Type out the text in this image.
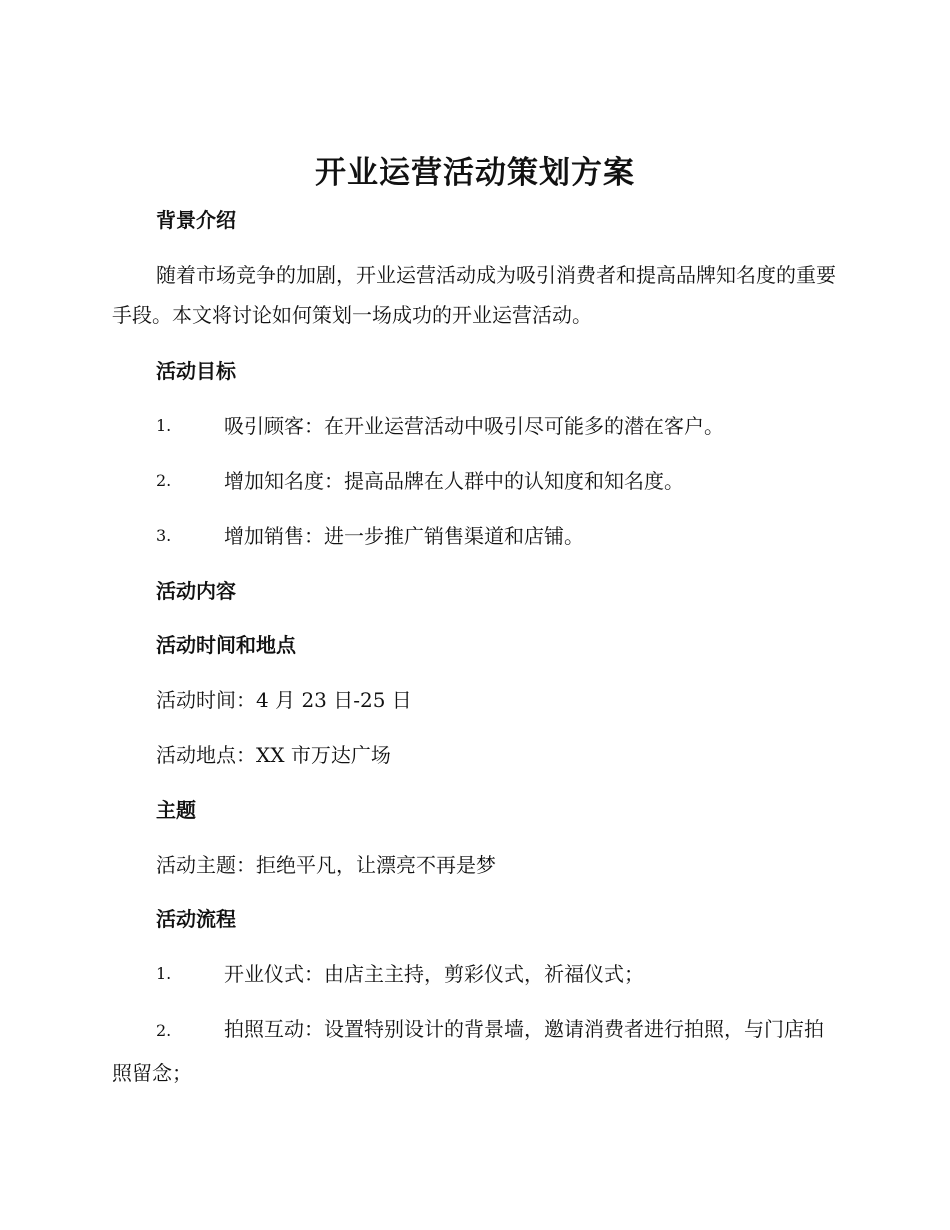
开业运营活动策划方案
背景介绍
随着市场竞争的加剧，开业运营活动成为吸引消费者和提高品牌知名度的重要手段。本文将讨论如何策划一场成功的开业运营活动。
活动目标
1.	吸引顾客：在开业运营活动中吸引尽可能多的潜在客户。
2.	增加知名度：提高品牌在人群中的认知度和知名度。
3.	增加销售：进一步推广销售渠道和店铺。
活动内容
活动时间和地点
活动时间：4 月 23 日-25 日
活动地点：XX 市万达广场
主题
活动主题：拒绝平凡，让漂亮不再是梦
活动流程
1.	开业仪式：由店主主持，剪彩仪式，祈福仪式；
2.	拍照互动：设置特别设计的背景墙，邀请消费者进行拍照，与门店拍照留念；
